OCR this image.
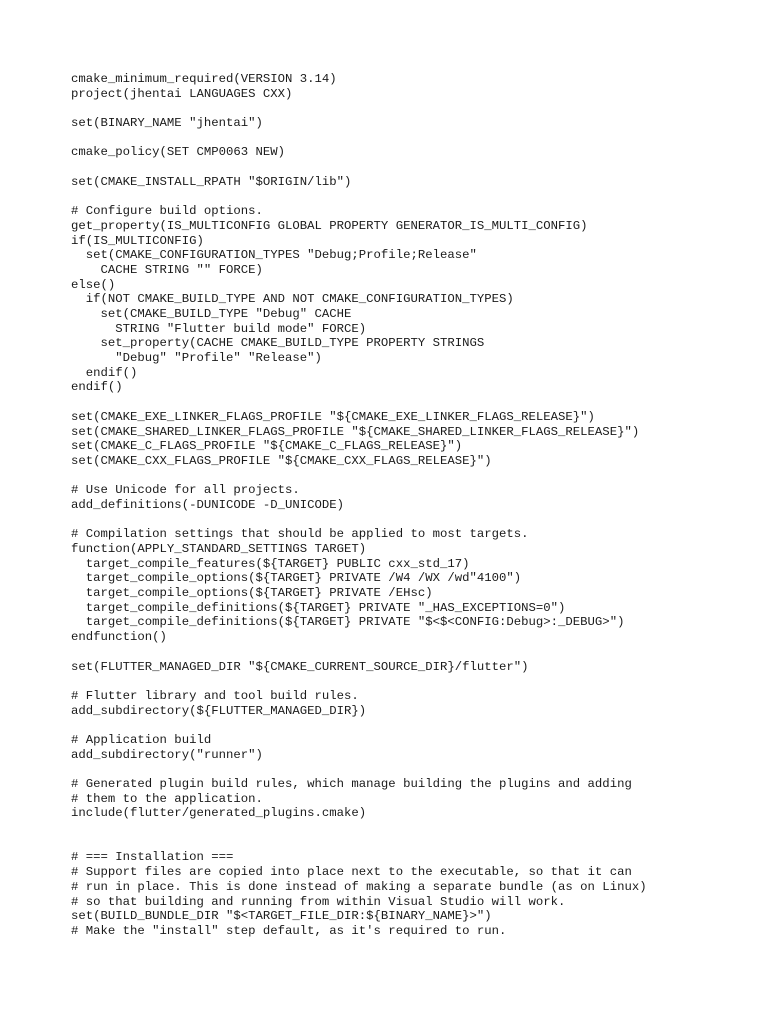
cmake_minimum_required(VERSION 3.14)
project(jhentai LANGUAGES CXX)
set(BINARY_NAME "jhentai")
cmake_policy(SET CMP0063 NEW)
set(CMAKE_INSTALL_RPATH "$ORIGIN/lib")
# Configure build options.
get_property(IS_MULTICONFIG GLOBAL PROPERTY GENERATOR_IS_MULTI_CONFIG)
if(IS_MULTICONFIG)
set(CMAKE_CONFIGURATION_TYPES "Debug;Profile;Release"
CACHE STRING "" FORCE)
else()
if(NOT CMAKE_BUILD_TYPE AND NOT CMAKE_CONFIGURATION_TYPES)
set(CMAKE_BUILD_TYPE "Debug" CACHE
STRING "Flutter build mode" FORCE)
set_property(CACHE CMAKE_BUILD_TYPE PROPERTY STRINGS
"Debug" "Profile" "Release")
endif()
endif()
set(CMAKE_EXE_LINKER_FLAGS_PROFILE "${CMAKE_EXE_LINKER_FLAGS_RELEASE}")
set(CMAKE_SHARED_LINKER_FLAGS_PROFILE "${CMAKE_SHARED_LINKER_FLAGS_RELEASE}")
set(CMAKE_C_FLAGS_PROFILE "${CMAKE_C_FLAGS_RELEASE}")
set(CMAKE_CXX_FLAGS_PROFILE "${CMAKE_CXX_FLAGS_RELEASE}")
# Use Unicode for all projects.
add_definitions(-DUNICODE -D_UNICODE)
# Compilation settings that should be applied to most targets.
function(APPLY_STANDARD_SETTINGS TARGET)
target_compile_features(${TARGET} PUBLIC cxx_std_17)
target_compile_options(${TARGET} PRIVATE /W4 /WX /wd"4100")
target_compile_options(${TARGET} PRIVATE /EHsc)
target_compile_definitions(${TARGET} PRIVATE "_HAS_EXCEPTIONS=0")
target_compile_definitions(${TARGET} PRIVATE "$<$<CONFIG:Debug>:_DEBUG>")
endfunction()
set(FLUTTER_MANAGED_DIR "${CMAKE_CURRENT_SOURCE_DIR}/flutter")
# Flutter library and tool build rules.
add_subdirectory(${FLUTTER_MANAGED_DIR})
# Application build
add_subdirectory("runner")
# Generated plugin build rules, which manage building the plugins and adding
# them to the application.
include(flutter/generated_plugins.cmake)
# === Installation ===
# Support files are copied into place next to the executable, so that it can
# run in place. This is done instead of making a separate bundle (as on Linux)
# so that building and running from within Visual Studio will work.
set(BUILD_BUNDLE_DIR "$<TARGET_FILE_DIR:${BINARY_NAME}>")
# Make the "install" step default, as it's required to run.
